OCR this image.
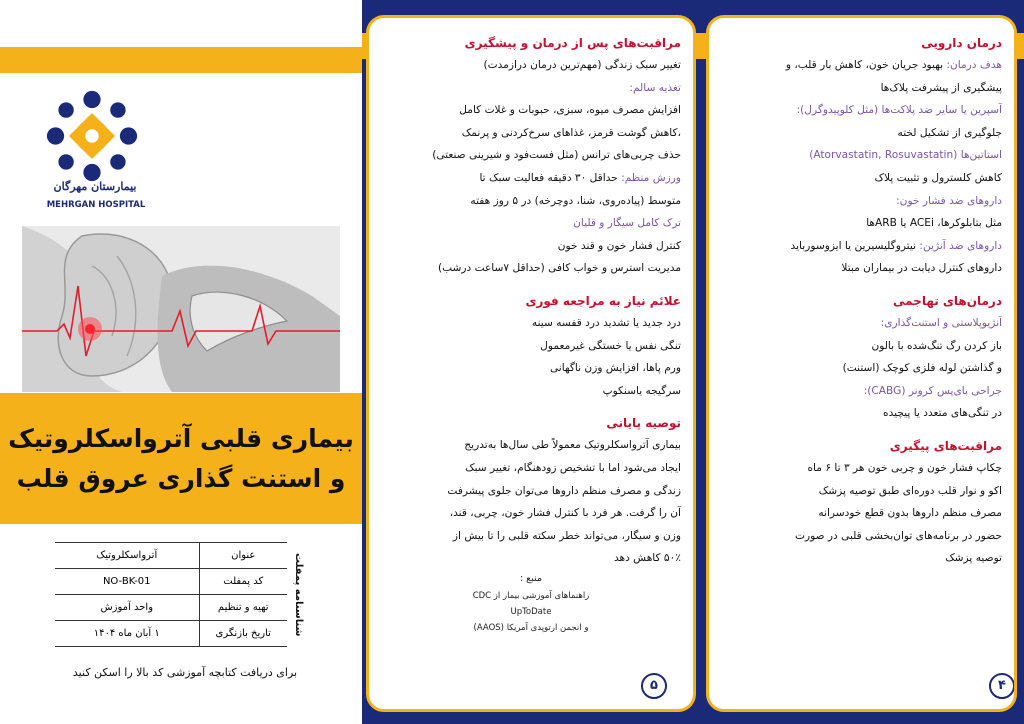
بیمارستان مهرگان
MEHRGAN HOSPITAL
بیماری قلبی آترواسکلروتیک
و استنت گذاری عروق قلب
شناسنامه پمفلت
عنوان	آترواسکلروتیک
کد پمفلت	NO-BK-01
تهیه و تنظیم	واحد آموزش
تاریخ بازنگری	۱ آبان ماه ۱۴۰۴
برای دریافت کتابچه آموزشی کد بالا را اسکن کنید
مراقبت‌های پس از درمان و پیشگیری
تغییر سبک زندگی (مهم‌ترین درمان درازمدت)
تغذیه سالم:
افزایش مصرف میوه، سبزی، حبوبات و غلات کامل
،کاهش گوشت قرمز، غذاهای سرخ‌کردنی و پرنمک
حذف چربی‌های ترانس (مثل فست‌فود و شیرینی صنعتی)
ورزش منظم: حداقل ۳۰ دقیقه فعالیت سبک تا
متوسط (پیاده‌روی، شنا، دوچرخه) در ۵ روز هفته
ترک کامل سیگار و قلیان
کنترل فشار خون و قند خون
مدیریت استرس و خواب کافی (حداقل ۷ساعت درشب)
علائم نیاز به مراجعه فوری
درد جدید یا تشدید درد قفسه سینه
تنگی نفس یا خستگی غیرمعمول
ورم پاها، افزایش وزن ناگهانی
سرگیجه یاسنکوپ
توصیه پایانی
بیماری آترواسکلروتیک معمولاً طی سال‌ها به‌تدریج
ایجاد می‌شود اما با تشخیص زودهنگام، تغییر سبک
زندگی و مصرف منظم داروها می‌توان جلوی پیشرفت
آن را گرفت. هر فرد با کنترل فشار خون، چربی، قند،
وزن و سیگار، می‌تواند خطر سکته قلبی را تا بیش از
۵۰٪ کاهش دهد
منبع :
راهنماهای آموزشی بیمار از CDC
UpToDate
و انجمن ارتوپدی آمریکا (AAOS)
۵
درمان دارویی
هدف درمان: بهبود جریان خون، کاهش بار قلب، و
پیشگیری از پیشرفت پلاک‌ها
آسپرین یا سایر ضد پلاکت‌ها (مثل کلوپیدوگرل):
جلوگیری از تشکیل لخته
استاتین‌ها (Atorvastatin, Rosuvastatin)
کاهش کلسترول و تثبیت پلاک
داروهای ضد فشار خون:
مثل بتابلوکرها، ACEi یا ARBها
داروهای ضد آنژین: نیتروگلیسیرین یا ایزوسورباید
داروهای کنترل دیابت در بیماران مبتلا
درمان‌های تهاجمی
آنژیوپلاستی و استنت‌گذاری:
باز کردن رگ تنگ‌شده با بالون
و گذاشتن لوله فلزی کوچک (استنت)
جراحی بای‌پس کرونر (CABG):
در تنگی‌های متعدد یا پیچیده
مراقبت‌های پیگیری
چکاپ فشار خون و چربی خون هر ۳ تا ۶ ماه
اکو و نوار قلب دوره‌ای طبق توصیه پزشک
مصرف منظم داروها بدون قطع خودسرانه
حضور در برنامه‌های توان‌بخشی قلبی در صورت
توصیه پزشک
۴
